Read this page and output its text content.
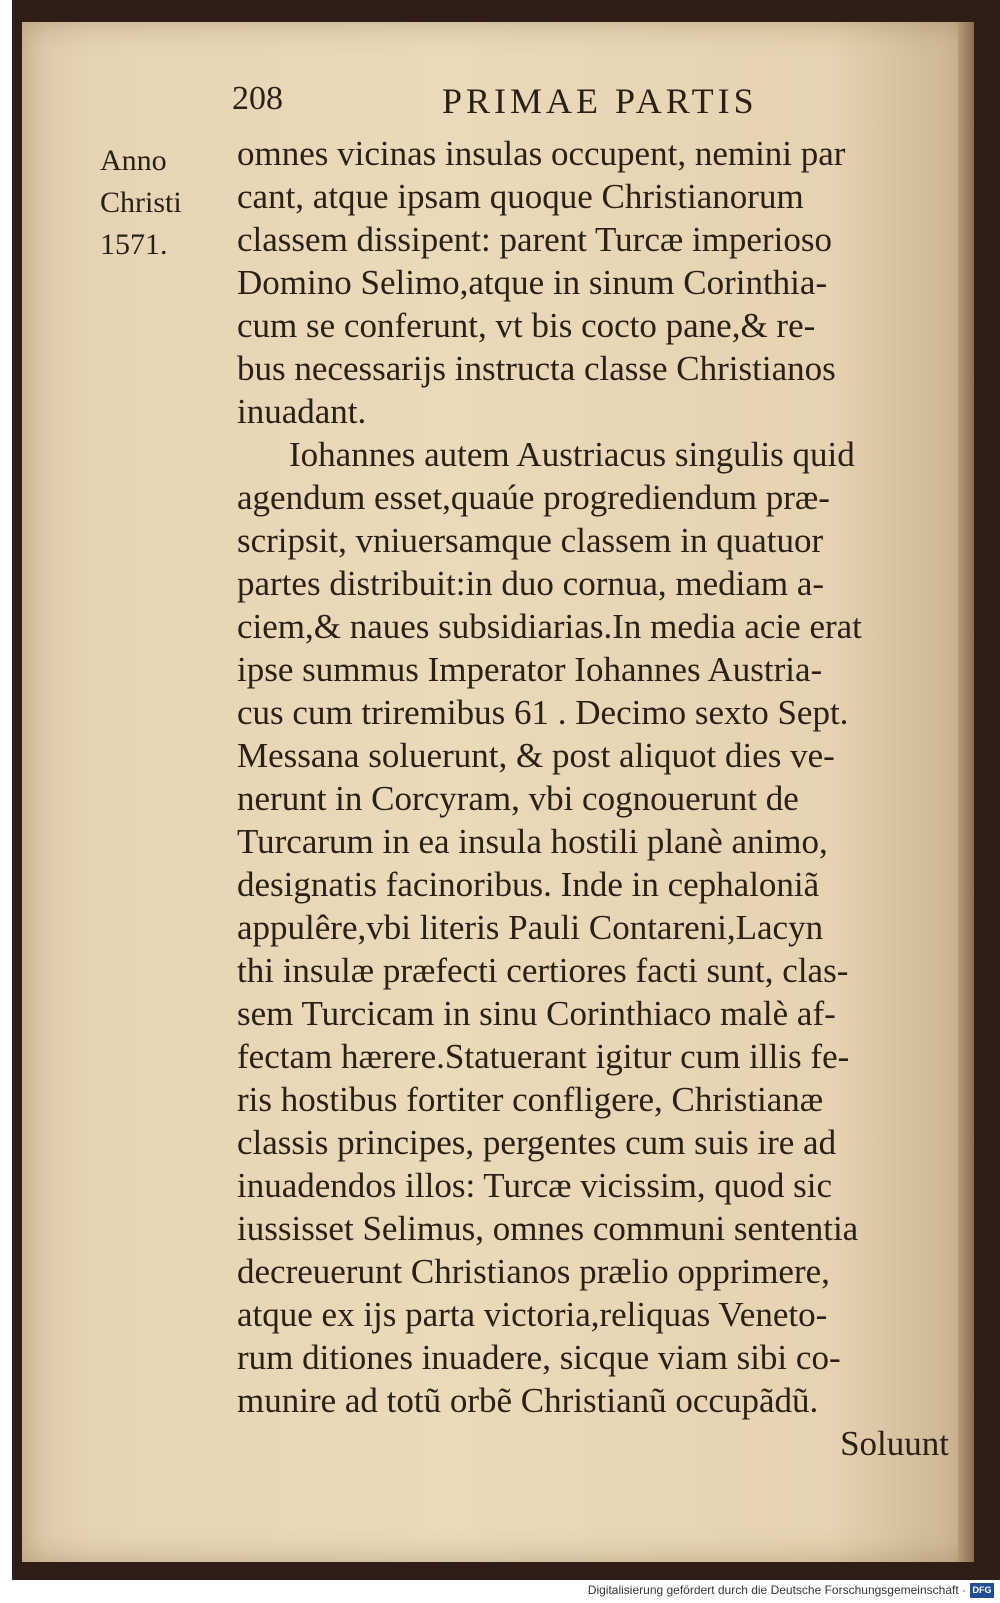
208	PRIMAE PARTIS
Anno
Christi
1571.
omnes vicinas insulas occupent, nemini par
cant, atque ipsam quoque Christianorum
classem dissipent: parent Turcæ imperioso
Domino Selimo,atque in sinum Corinthia-
cum se conferunt, vt bis cocto pane,& re-
bus necessarijs instructa classe Christianos
inuadant.
Iohannes autem Austriacus singulis quid
agendum esset,quaúe progrediendum præ-
scripsit, vniuersamque classem in quatuor
partes distribuit:in duo cornua, mediam a-
ciem,& naues subsidiarias.In media acie erat
ipse summus Imperator Iohannes Austria-
cus cum triremibus 61 . Decimo sexto Sept.
Messana soluerunt, & post aliquot dies ve-
nerunt in Corcyram, vbi cognouerunt de
Turcarum in ea insula hostili planè animo,
designatis facinoribus. Inde in cephaloniã
appulêre,vbi literis Pauli Contareni,Lacyn
thi insulæ præfecti certiores facti sunt, clas-
sem Turcicam in sinu Corinthiaco malè af-
fectam hærere.Statuerant igitur cum illis fe-
ris hostibus fortiter confligere, Christianæ
classis principes, pergentes cum suis ire ad
inuadendos illos: Turcæ vicissim, quod sic
iussisset Selimus, omnes communi sententia
decreuerunt Christianos prælio opprimere,
atque ex ijs parta victoria,reliquas Veneto-
rum ditiones inuadere, sicque viam sibi co-
munire ad totũ orbẽ Christianũ occupãdũ.
Soluunt
Digitalisierung gefördert durch die Deutsche Forschungsgemeinschaft · DFG
